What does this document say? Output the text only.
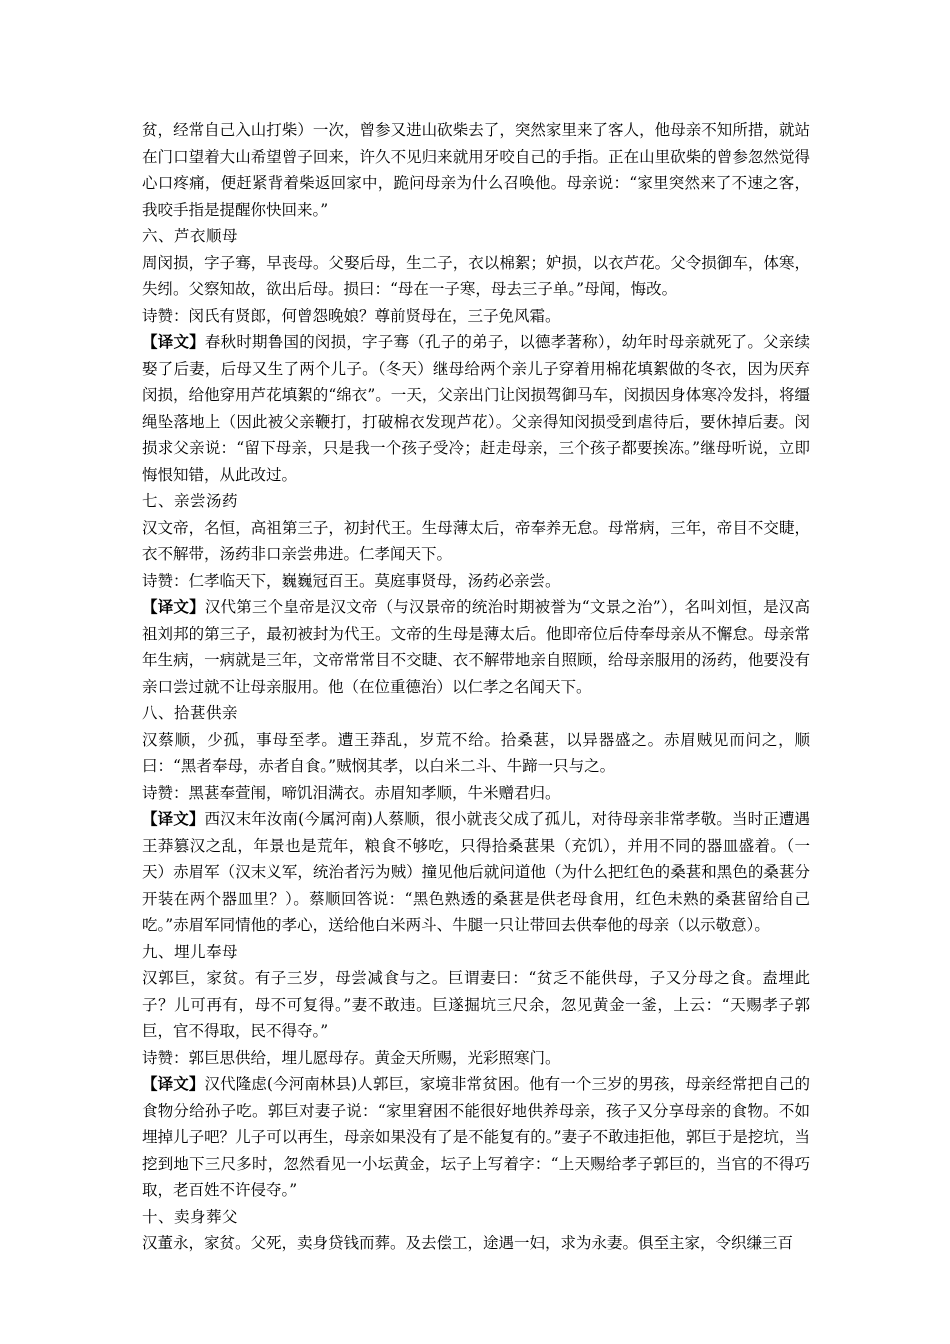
贫，经常自己入山打柴）一次，曾参又进山砍柴去了，突然家里来了客人，他母亲不知所措，就站在门口望着大山希望曾子回来，许久不见归来就用牙咬自己的手指。正在山里砍柴的曾参忽然觉得心口疼痛，便赶紧背着柴返回家中，跪问母亲为什么召唤他。母亲说：“家里突然来了不速之客，我咬手指是提醒你快回来。”

六、芦衣顺母

周闵损，字子骞，早丧母。父娶后母，生二子，衣以棉絮；妒损，以衣芦花。父令损御车，体寒，失纼。父察知故，欲出后母。损曰：“母在一子寒，母去三子单。”母闻，悔改。

诗赞：闵氏有贤郎，何曾怨晚娘？尊前贤母在，三子免风霜。

【译文】春秋时期鲁国的闵损，字子骞（孔子的弟子，以德孝著称），幼年时母亲就死了。父亲续娶了后妻，后母又生了两个儿子。（冬天）继母给两个亲儿子穿着用棉花填絮做的冬衣，因为厌弃闵损，给他穿用芦花填絮的“绵衣”。一天，父亲出门让闵损驾御马车，闵损因身体寒冷发抖，将缰绳坠落地上（因此被父亲鞭打，打破棉衣发现芦花）。父亲得知闵损受到虐待后，要休掉后妻。闵损求父亲说：“留下母亲，只是我一个孩子受冷；赶走母亲，三个孩子都要挨冻。”继母听说，立即悔恨知错，从此改过。

七、亲尝汤药

汉文帝，名恒，高祖第三子，初封代王。生母薄太后，帝奉养无怠。母常病，三年，帝目不交睫，衣不解带，汤药非口亲尝弗进。仁孝闻天下。

诗赞：仁孝临天下，巍巍冠百王。莫庭事贤母，汤药必亲尝。

【译文】汉代第三个皇帝是汉文帝（与汉景帝的统治时期被誉为“文景之治”），名叫刘恒，是汉高祖刘邦的第三子，最初被封为代王。文帝的生母是薄太后。他即帝位后侍奉母亲从不懈怠。母亲常年生病，一病就是三年，文帝常常目不交睫、衣不解带地亲自照顾，给母亲服用的汤药，他要没有亲口尝过就不让母亲服用。他（在位重德治）以仁孝之名闻天下。

八、拾葚供亲

汉蔡顺，少孤，事母至孝。遭王莽乱，岁荒不给。拾桑葚，以异器盛之。赤眉贼见而问之，顺曰：“黑者奉母，赤者自食。”贼悯其孝，以白米二斗、牛蹄一只与之。

诗赞：黑葚奉萱闱，啼饥泪满衣。赤眉知孝顺，牛米赠君归。

【译文】西汉末年汝南(今属河南)人蔡顺，很小就丧父成了孤儿，对待母亲非常孝敬。当时正遭遇王莽篡汉之乱，年景也是荒年，粮食不够吃，只得拾桑葚果（充饥），并用不同的器皿盛着。（一天）赤眉军（汉末义军，统治者污为贼）撞见他后就问道他（为什么把红色的桑葚和黑色的桑葚分开装在两个器皿里？）。蔡顺回答说：“黑色熟透的桑葚是供老母食用，红色未熟的桑葚留给自己吃。”赤眉军同情他的孝心，送给他白米两斗、牛腿一只让带回去供奉他的母亲（以示敬意）。

九、埋儿奉母

汉郭巨，家贫。有子三岁，母尝减食与之。巨谓妻曰：“贫乏不能供母，子又分母之食。盍埋此子？儿可再有，母不可复得。”妻不敢违。巨遂掘坑三尺余，忽见黄金一釜，上云：“天赐孝子郭巨，官不得取，民不得夺。”

诗赞：郭巨思供给，埋儿愿母存。黄金天所赐，光彩照寒门。

【译文】汉代隆虑(今河南林县)人郭巨，家境非常贫困。他有一个三岁的男孩，母亲经常把自己的食物分给孙子吃。郭巨对妻子说：“家里窘困不能很好地供养母亲，孩子又分享母亲的食物。不如埋掉儿子吧？儿子可以再生，母亲如果没有了是不能复有的。”妻子不敢违拒他，郭巨于是挖坑，当挖到地下三尺多时，忽然看见一小坛黄金，坛子上写着字：“上天赐给孝子郭巨的，当官的不得巧取，老百姓不许侵夺。”

十、卖身葬父

汉董永，家贫。父死，卖身贷钱而葬。及去偿工，途遇一妇，求为永妻。俱至主家，令织缣三百
